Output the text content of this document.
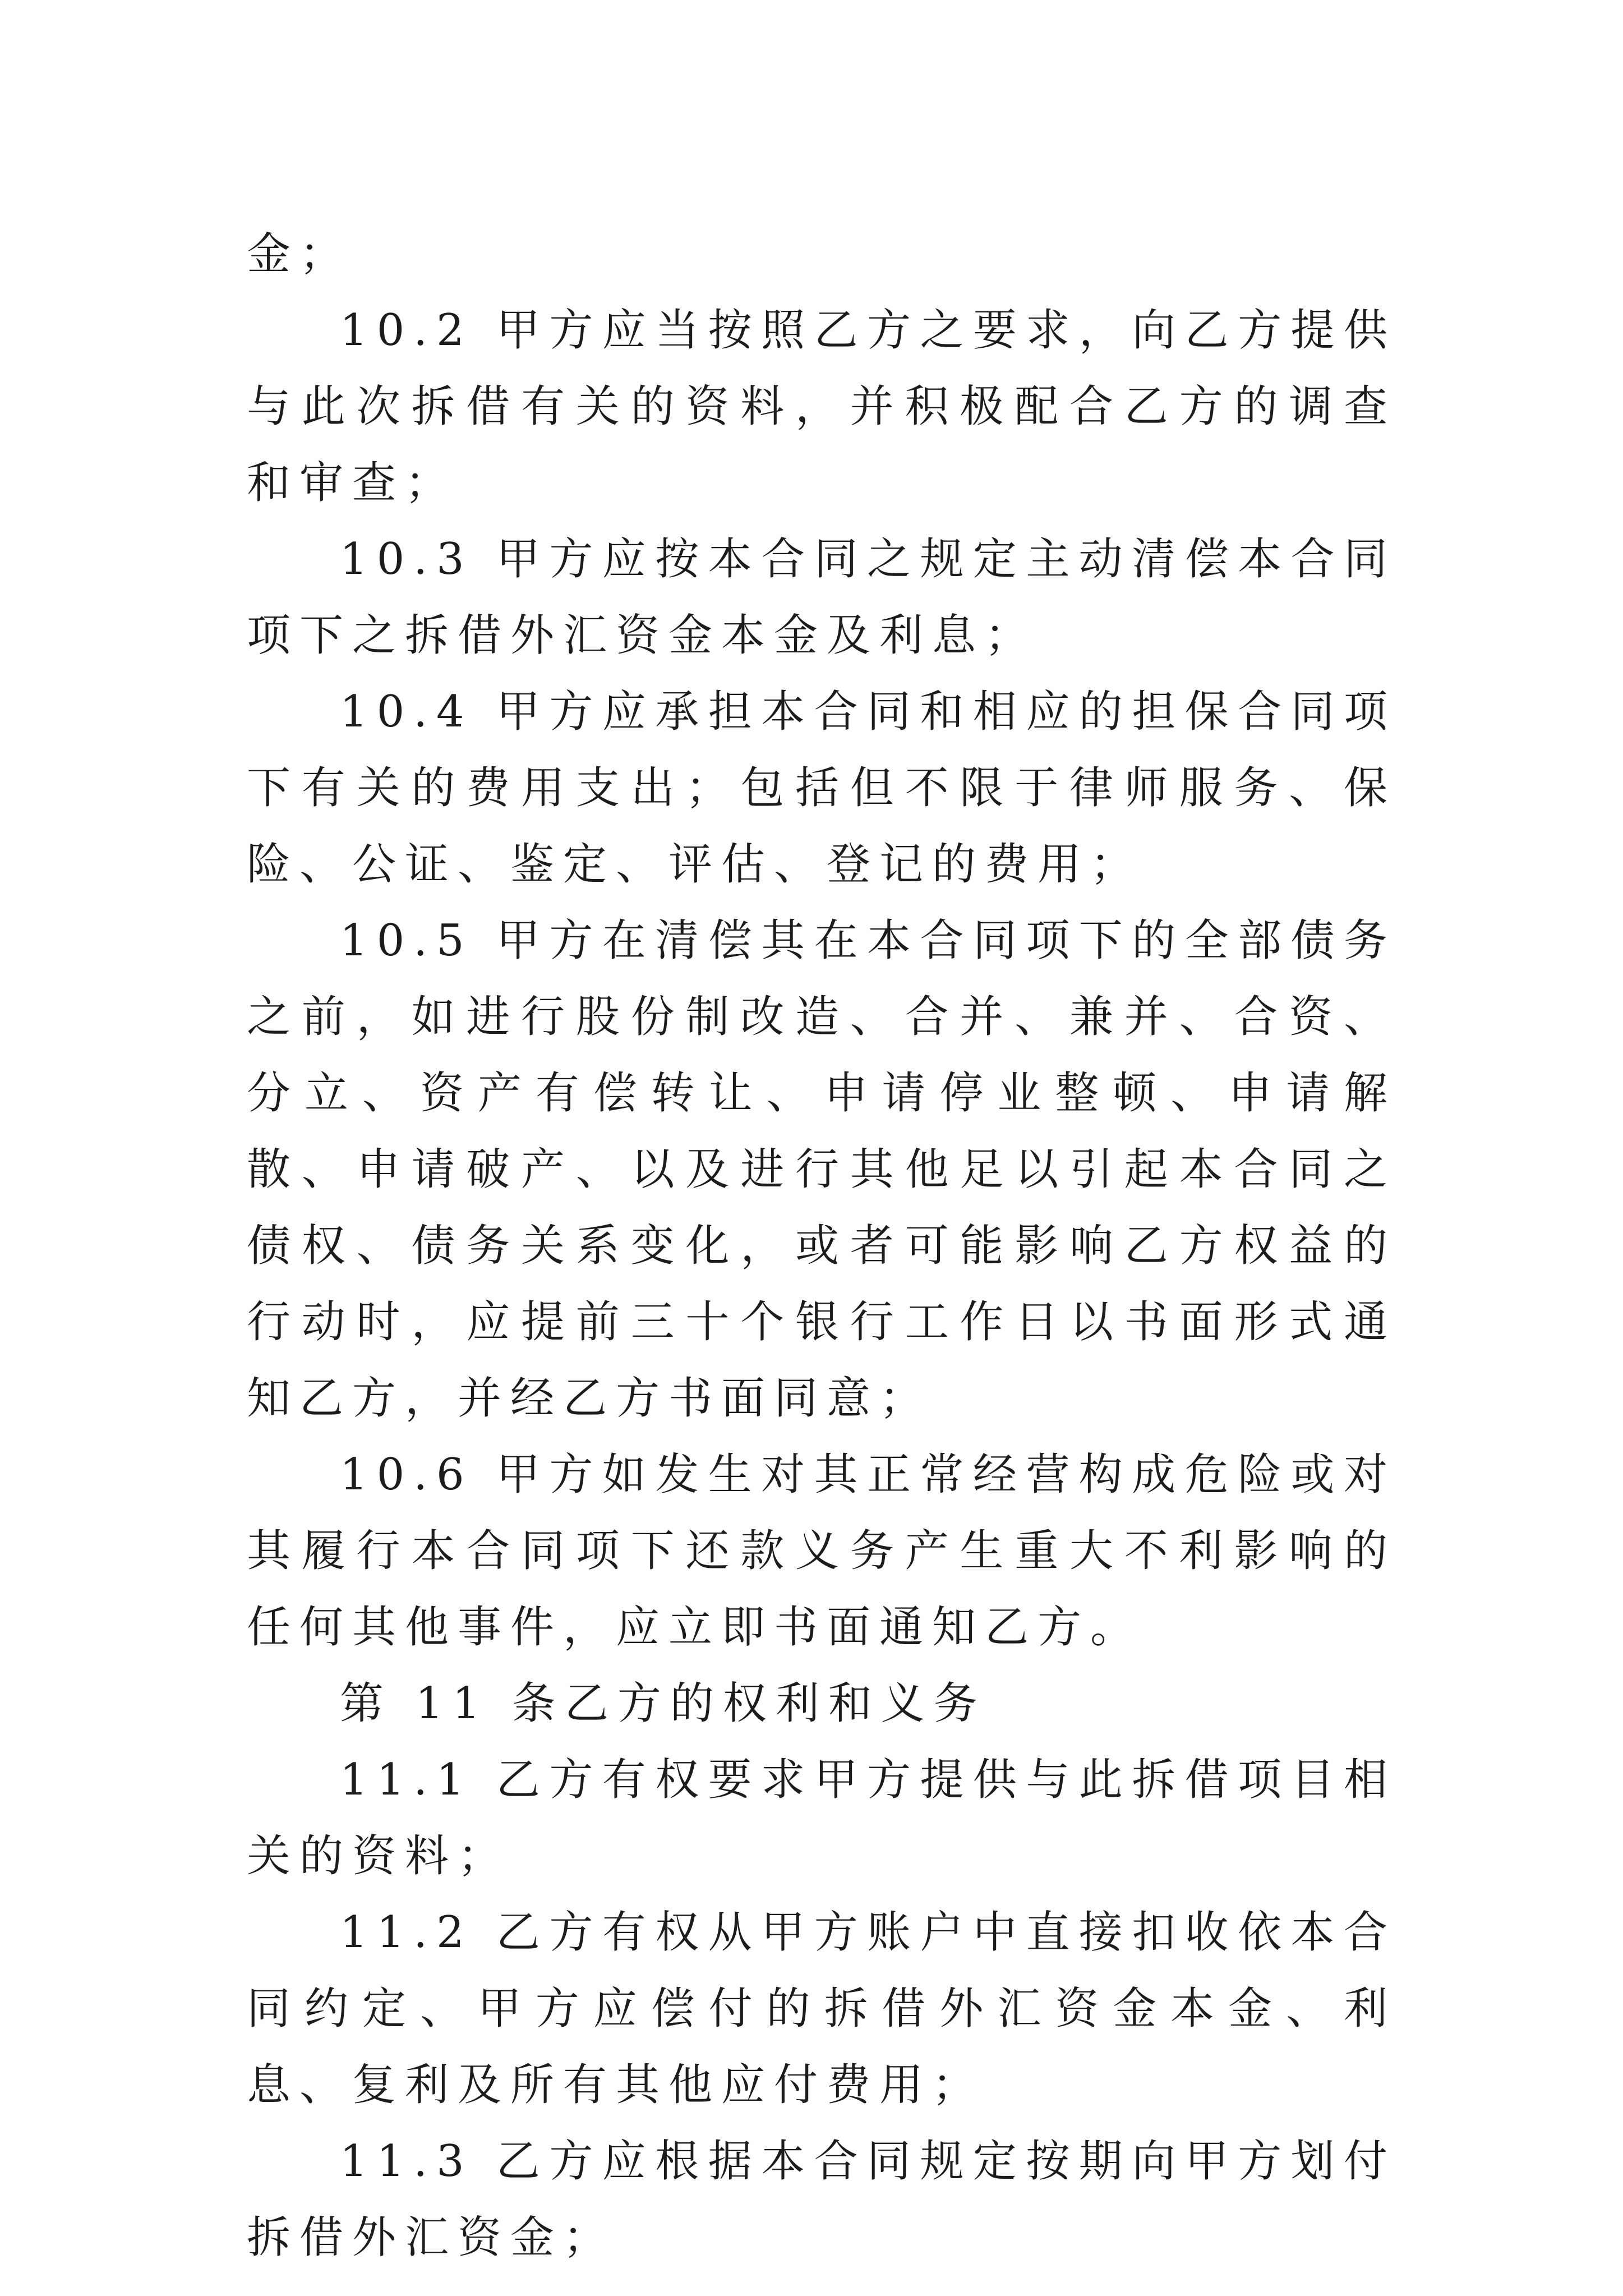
金；

10.2 甲方应当按照乙方之要求，向乙方提供与此次拆借有关的资料，并积极配合乙方的调查和审查；

10.3 甲方应按本合同之规定主动清偿本合同项下之拆借外汇资金本金及利息；

10.4 甲方应承担本合同和相应的担保合同项下有关的费用支出；包括但不限于律师服务、保险、公证、鉴定、评估、登记的费用；

10.5 甲方在清偿其在本合同项下的全部债务之前，如进行股份制改造、合并、兼并、合资、分立、资产有偿转让、申请停业整顿、申请解散、申请破产、以及进行其他足以引起本合同之债权、债务关系变化，或者可能影响乙方权益的行动时，应提前三十个银行工作日以书面形式通知乙方，并经乙方书面同意；

10.6 甲方如发生对其正常经营构成危险或对其履行本合同项下还款义务产生重大不利影响的任何其他事件，应立即书面通知乙方。

第 11 条乙方的权利和义务

11.1 乙方有权要求甲方提供与此拆借项目相关的资料；

11.2 乙方有权从甲方账户中直接扣收依本合同约定、甲方应偿付的拆借外汇资金本金、利息、复利及所有其他应付费用；

11.3 乙方应根据本合同规定按期向甲方划付拆借外汇资金；
